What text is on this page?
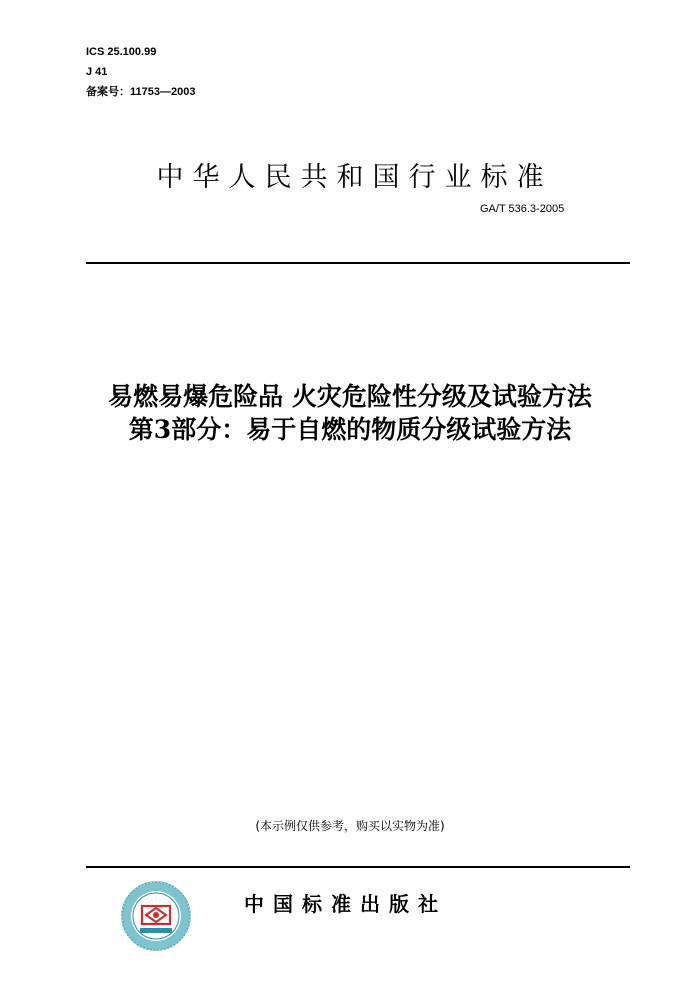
ICS 25.100.99
J 41
备案号：11753—2003
中华人民共和国行业标准
GA/T 536.3-2005
易燃易爆危险品 火灾危险性分级及试验方法
第3部分：易于自燃的物质分级试验方法
(本示例仅供参考，购买以实物为准)
中国标准出版社
